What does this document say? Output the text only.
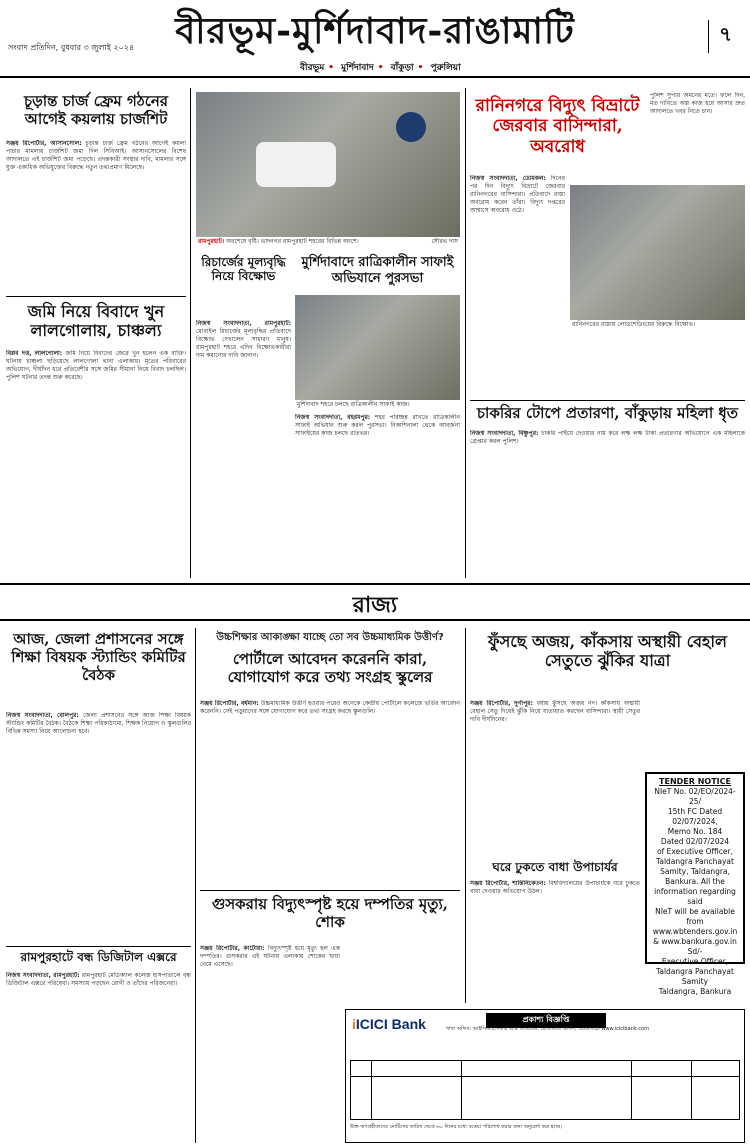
বীরভূম-মুর্শিদাবাদ-রাঙামাটি
সংবাদ প্রতিদিন, বুধবার ৩ জুলাই ২০২৪
বীরভূম • মুর্শিদাবাদ • বাঁকুড়া • পুরুলিয়া
৭
চূড়ান্ত চার্জ ফ্রেম গঠনের আগেই কয়লায় চার্জশিট
সঞ্জয় রিপোর্টার, আসানসোল: চূড়ান্ত চার্জ ফ্রেম গঠনের আগেই কয়লা পাচার মামলায় চার্জশিট জমা দিল সিবিআই। আসানসোলের বিশেষ আদালতে এই চার্জশিট জমা পড়েছে। তদন্তকারী সংস্থার দাবি, মামলার সঙ্গে যুক্ত একাধিক অভিযুক্তের বিরুদ্ধে নতুন তথ্যপ্রমাণ মিলেছে।
জমি নিয়ে বিবাদে খুন লালগোলায়, চাঞ্চল্য
বিপ্লব দত্ত, লালগোলা: জমি নিয়ে বিবাদের জেরে খুন হলেন এক ব্যক্তি। ঘটনায় চাঞ্চল্য ছড়িয়েছে লালগোলা থানা এলাকায়। মৃতের পরিবারের অভিযোগ, দীর্ঘদিন ধরে প্রতিবেশীর সঙ্গে জমির সীমানা নিয়ে বিবাদ চলছিল। পুলিশ ঘটনার তদন্ত শুরু করেছে।
রামপুরহাট। অবশেষে বৃষ্টি। ভাদনগর রামপুরহাট শহরের বিভিন্ন অংশে।	সৌরভ দাস
রিচার্জের মূল্যবৃদ্ধি নিয়ে বিক্ষোভ
নিজস্ব সংবাদদাতা, রামপুরহাট: মোবাইল রিচার্জের মূল্যবৃদ্ধির প্রতিবাদে বিক্ষোভ দেখালেন সাধারণ মানুষ। রামপুরহাট শহরে এদিন বিক্ষোভকারীরা দাম কমানোর দাবি জানান।
মুর্শিদাবাদে রাত্রিকালীন সাফাই অভিযানে পুরসভা
মুর্শিদাবাদ শহরে চলছে রাত্রিকালীন সাফাই কাজ।
নিজস্ব সংবাদদাতা, বহরমপুর: শহর পরিচ্ছন্ন রাখতে রাত্রিকালীন সাফাই অভিযান শুরু করল পুরসভা। নিকাশিনালা থেকে আবর্জনা সাফাইয়ের কাজ চলছে রাতভর।
রানিনগরে বিদ্যুৎ বিভ্রাটে জেরবার বাসিন্দারা, অবরোধ
নিজস্ব সংবাদদাতা, ডোমকল: দিনের পর দিন বিদ্যুৎ বিভ্রাটে জেরবার রানিনগরের বাসিন্দারা। প্রতিবাদে রাস্তা অবরোধ করেন তাঁরা। বিদ্যুৎ দপ্তরের আশ্বাসে অবরোধ ওঠে।
রানিনগরের রাস্তায় লোডশেডিংয়ের বিরুদ্ধে বিক্ষোভ।
পুলিশ সুপার অমনের মতে। ফলে দিন, মত দাবিতে অল্প কাজ হয়ে আসার দ্রুত আদালতে খবর নিতে চান।
চাকরির টোপে প্রতারণা, বাঁকুড়ায় মহিলা ধৃত
নিজস্ব সংবাদদাতা, বিষ্ণুপুর: চাকরি পাইয়ে দেওয়ার নাম করে লক্ষ লক্ষ টাকা প্রতারণার অভিযোগে এক মহিলাকে গ্রেপ্তার করল পুলিশ।
রাজ্য
আজ, জেলা প্রশাসনের সঙ্গে শিক্ষা বিষয়ক স্ট্যান্ডিং কমিটির বৈঠক
নিজস্ব সংবাদদাতা, বোলপুর: জেলা প্রশাসনের সঙ্গে আজ শিক্ষা বিষয়ক স্ট্যান্ডিং কমিটির বৈঠক। বৈঠকে শিক্ষা পরিকাঠামো, শিক্ষক নিয়োগ ও স্কুলগুলির বিভিন্ন সমস্যা নিয়ে আলোচনা হবে।
রামপুরহাটে বন্ধ ডিজিটাল এক্সরে
নিজস্ব সংবাদদাতা, রামপুরহাট: রামপুরহাট মেডিক্যাল কলেজ হাসপাতালে বন্ধ ডিজিটাল এক্সরে পরিষেবা। সমস্যায় পড়ছেন রোগী ও তাঁদের পরিজনেরা।
উচ্চশিক্ষার আকাঙ্ক্ষা যাচ্ছে তো সব উচ্চমাধ্যমিক উত্তীর্ণ?
পোর্টালে আবেদন করেননি কারা, যোগাযোগ করে তথ্য সংগ্রহ স্কুলের
সঞ্জয় রিপোর্টার, বর্ধমান: উচ্চমাধ্যমিক উত্তীর্ণ হওয়ার পরেও অনেকে কেন্দ্রীয় পোর্টালে কলেজে ভর্তির আবেদন করেননি। সেই পড়ুয়াদের সঙ্গে যোগাযোগ করে তথ্য সংগ্রহ করছে স্কুলগুলি।
গুসকরায় বিদ্যুৎস্পৃষ্ট হয়ে দম্পতির মৃত্যু, শোক
সঞ্জয় রিপোর্টার, কাটোয়া: বিদ্যুৎস্পৃষ্ট হয়ে মৃত্যু হল এক দম্পতির। গুসকরার এই ঘটনায় এলাকায় শোকের ছায়া নেমে এসেছে।
ফুঁসছে অজয়, কাঁকসায় অস্থায়ী বেহাল সেতুতে ঝুঁকির যাত্রা
সঞ্জয় রিপোর্টার, দুর্গাপুর: বর্ষায় ফুঁসছে অজয় নদ। কাঁকসায় অস্থায়ী বেহাল সেতু দিয়েই ঝুঁকি নিয়ে যাতায়াত করছেন বাসিন্দারা। স্থায়ী সেতুর দাবি দীর্ঘদিনের।
ঘরে ঢুকতে বাধা উপাচার্যর
সঞ্জয় রিপোর্টার, শান্তিনিকেতন: বিশ্ববিদ্যালয়ের উপাচার্যকে ঘরে ঢুকতে বাধা দেওয়ার অভিযোগ উঠল।
TENDER NOTICE
NIeT No. 02/EO/2024-25/
15th FC Dated 02/07/2024,
Memo No. 184
Dated 02/07/2024
of Executive Officer,
Taldangra Panchayat
Samity, Taldangra,
Bankura. All the
information regarding said
NIeT will be available from
www.wbtenders.gov.in
& www.bankura.gov.in
Sd/-
Executive Officer,
Taldangra Panchayat Samity
Taldangra, Bankura
iICICI Bank	প্রকাশ্য বিজ্ঞপ্তি
শাখা অফিস: আইসিআইসিআই ব্যাঙ্ক লিমিটেড, রেজিস্টার্ড অফিস, ওয়েবসাইট www.icicibank.com
উক্ত ঋণগ্রহীতাদের নোটিসের তারিখ থেকে ৬০ দিনের মধ্যে বকেয়া পরিশোধ করার জন্য অনুরোধ করা হচ্ছে।
